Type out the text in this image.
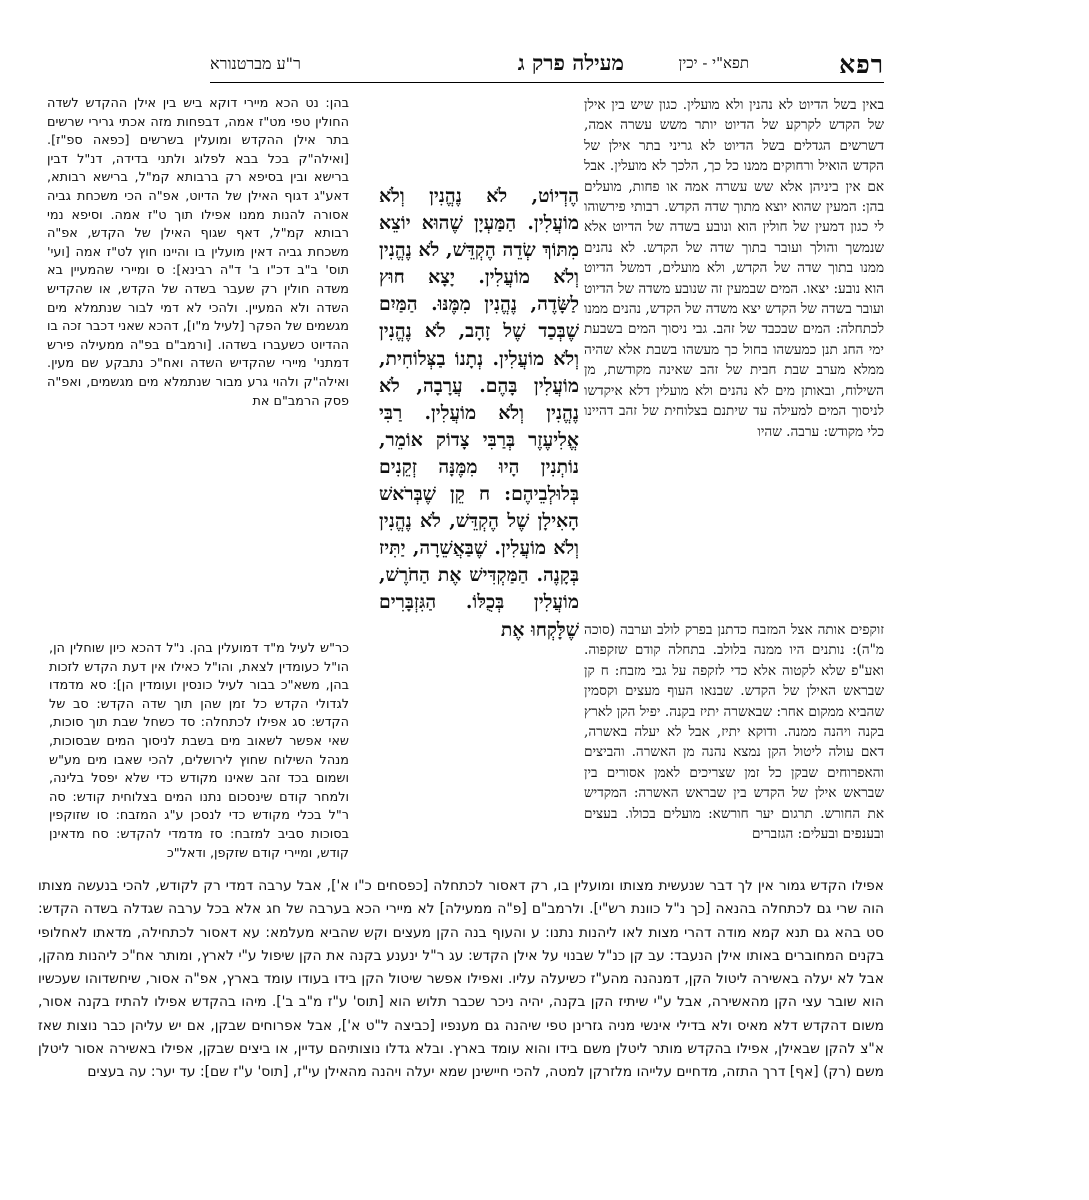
רפא
תפא"י - יכין
מעילה פרק ג
ר"ע מברטנורא

באין בשל הדיוט לא נהנין ולא מועלין. כגון שיש בין אילן של הקדש לקרקע של הדיוט יותר משש עשרה אמה, דשרשים הגדלים בשל הדיוט לא גריני בתר אילן של הקדש הואיל ורחוקים ממנו כל כך, הלכך לא מועלין. אבל אם אין ביניהן אלא שש עשרה אמה או פחות, מועלים בהן: המעין שהוא יוצא מתוך שדה הקדש. רבותי פירשוהו לי כגון דמעין של חולין הוא ונובע בשדה של הדיוט אלא שנמשך והולך ועובר בתוך שדה של הקדש. לא נהנים ממנו בתוך שדה של הקדש, ולא מועלים, דמשל הדיוט הוא נובע: יצאו. המים שבמעין זה שנובע משדה של הדיוט ועובר בשדה של הקדש יצא משדה של הקדש, נהנים ממנו לכתחלה: המים שבכבד של זהב. גבי ניסוך המים בשבעת ימי החג תנן כמעשהו בחול כך מעשהו בשבת אלא שהיה ממלא מערב שבת חבית של זהב שאינה מקודשת, מן השילוח, ובאותן מים לא נהנים ולא מועלין דלא איקדשו לניסוך המים למעילה עד שיתנם בצלוחית של זהב דהיינו כלי מקודש: ערבה. שהיו

הֶדְיוֹט, לֹא נֶהֱנִין וְלֹא מוֹעֲלִין. הַמַּעְיָן שֶׁהוּא יוֹצֵא מִתּוֹךְ שְׂדֵה הֶקְדֵּשׁ, לֹא נֶהֱנִין וְלֹא מוֹעֲלִין. יָצָא חוּץ לַשָּׂדֶה, נֶהֱנִין מִמֶּנּוּ. הַמַּיִם שֶׁבְּכַד שֶׁל זָהָב, לֹא נֶהֱנִין וְלֹא מוֹעֲלִין. נְתָנוֹ בַצְּלוֹחִית, מוֹעֲלִין בָּהֶם. עֲרָבָה, לֹא נֶהֱנִין וְלֹא מוֹעֲלִין. רַבִּי אֱלִיעֶזֶר בְּרַבִּי צָדוֹק אוֹמֵר, נוֹתְנִין הָיוּ מִמֶּנָּה זְקֵנִים בְּלוּלְבֵיהֶם: ח קֵן שֶׁבְּרֹאשׁ הָאִילָן שֶׁל הֶקְדֵּשׁ, לֹא נֶהֱנִין וְלֹא מוֹעֲלִין. שֶׁבַּאֲשֵׁרָה, יַתִּיז בְּקָנֶה. הַמַּקְדִּישׁ אֶת הַחֹרֶשׁ, מוֹעֲלִין בְּכֻלּוֹ. הַגִּזְבָּרִים שֶׁלָּקְחוּ אֶת

בהן: נט הכא מיירי דוקא ביש בין אילן ההקדש לשדה החולין טפי מט"ז אמה, דבפחות מזה אכתי גרירי שרשים בתר אילן ההקדש ומועלין בשרשים [כפאה ספ"ז]. [ואילה"ק בכל בבא לפלוג ולתני בדידה, דנ"ל דבין ברישא ובין בסיפא רק ברבותא קמ"ל, ברישא רבותא, דאע"ג דגוף האילן של הדיוט, אפ"ה הכי משכחת גביה אסורה להנות ממנו אפילו תוך ט"ז אמה. וסיפא נמי רבותא קמ"ל, דאף שגוף האילן של הקדש, אפ"ה משכחת גביה דאין מועלין בו והיינו חוץ לט"ז אמה [ועי' תוס' ב"ב דכ"ו ב' ד"ה רבינא]: ס ומיירי שהמעיין בא משדה חולין רק שעבר בשדה של הקדש, או שהקדיש השדה ולא המעיין. ולהכי לא דמי לבור שנתמלא מים מגשמים של הפקר [לעיל מ"ו], דהכא שאני דכבר זכה בו ההדיוט כשעברו בשדהו. [ורמב"ם בפ"ה ממעילה פירש דמתני' מיירי שהקדיש השדה ואח"כ נתבקע שם מעין. ואילה"ק ולהוי גרע מבור שנתמלא מים מגשמים, ואפ"ה פסק הרמב"ם את

זוקפים אותה אצל המזבח כדתנן בפרק לולב וערבה (סוכה מ"ה): נותנים היו ממנה בלולב. בתחלה קודם שזקפוה. ואע"פ שלא לקטוה אלא כדי לזקפה על גבי מזבח: ח קן שבראש האילן של הקדש. שבנאו העוף מעצים וקסמין שהביא ממקום אחר: שבאשרה יתיז בקנה. יפיל הקן לארץ בקנה ויהנה ממנה. ודוקא יתיז, אבל לא יעלה באשרה, דאם עולה ליטול הקן נמצא נהנה מן האשרה. והביצים והאפרוחים שבקן כל זמן שצריכים לאמן אסורים בין שבראש אילן של הקדש בין שבראש האשרה: המקדיש את החורש. תרגום יער חורשא: מועלים בכולו. בעצים ובענפים ובעלים: הגזברים

כר"ש לעיל מ"ד דמועלין בהן. נ"ל דהכא כיון שוחלין הן, הו"ל כעומדין לצאת, והו"ל כאילו אין דעת הקדש לזכות בהן, משא"כ בבור לעיל כונסין ועומדין הן]: סא מדמדו לגדולי הקדש כל זמן שהן תוך שדה הקדש: סב של הקדש: סג אפילו לכתחלה: סד כשחל שבת תוך סוכות, שאי אפשר לשאוב מים בשבת לניסוך המים שבסוכות, מנהל השילוח שחוץ לירושלים, להכי שאבו מים מע"ש ושמום בכד זהב שאינו מקודש כדי שלא יפסל בלינה, ולמחר קודם שינסכום נתנו המים בצלוחית קודש: סה ר"ל בכלי מקודש כדי לנסכן ע"ג המזבח: סו שזוקפין בסוכות סביב למזבח: סז מדמדי להקדש: סח מדאינן קודש, ומיירי קודם שזקפן, ודאל"כ

אפילו הקדש גמור אין לך דבר שנעשית מצותו ומועלין בו, רק דאסור לכתחלה [כפסחים כ"ו א'], אבל ערבה דמדי רק לקודש, להכי בנעשה מצותו הוה שרי גם לכתחלה בהנאה [כך נ"ל כוונת רש"י]. ולרמב"ם [פ"ה ממעילה] לא מיירי הכא בערבה של חג אלא בכל ערבה שגדלה בשדה הקדש: סט בהא גם תנא קמא מודה דהרי מצות לאו ליהנות נתנו: ע והעוף בנה הקן מעצים וקש שהביא מעלמא: עא דאסור לכתחילה, מדאתו לאחלופי בקנים המחוברים באותו אילן הנעבד: עב קן כנ"ל שבנוי על אילן הקדש: עג ר"ל ינענע בקנה את הקן שיפול ע"י לארץ, ומותר אח"כ ליהנות מהקן, אבל לא יעלה באשירה ליטול הקן, דמנהנה מהע"ז כשיעלה עליו. ואפילו אפשר שיטול הקן בידו בעודו עומד בארץ, אפ"ה אסור, שיחשדוהו שעכשיו הוא שובר עצי הקן מהאשירה, אבל ע"י שיתיז הקן בקנה, יהיה ניכר שכבר תלוש הוא [תוס' ע"ז מ"ב ב']. מיהו בהקדש אפילו להתיז בקנה אסור, משום דהקדש דלא מאיס ולא בדילי אינשי מניה גזרינן טפי שיהנה גם מענפיו [כביצה ל"ט א'], אבל אפרוחים שבקן, אם יש עליהן כבר נוצות שאז א"צ להקן שבאילן, אפילו בהקדש מותר ליטלן משם בידו והוא עומד בארץ. ובלא גדלו נוצותיהם עדיין, או ביצים שבקן, אפילו באשירה אסור ליטלן משם (רק) [אף] דרך התזה, מדחיים עלייהו מלזרקן למטה, להכי חיישינן שמא יעלה ויהנה מהאילן עי"ז, [תוס' ע"ז שם]: עד יער: עה בעצים
